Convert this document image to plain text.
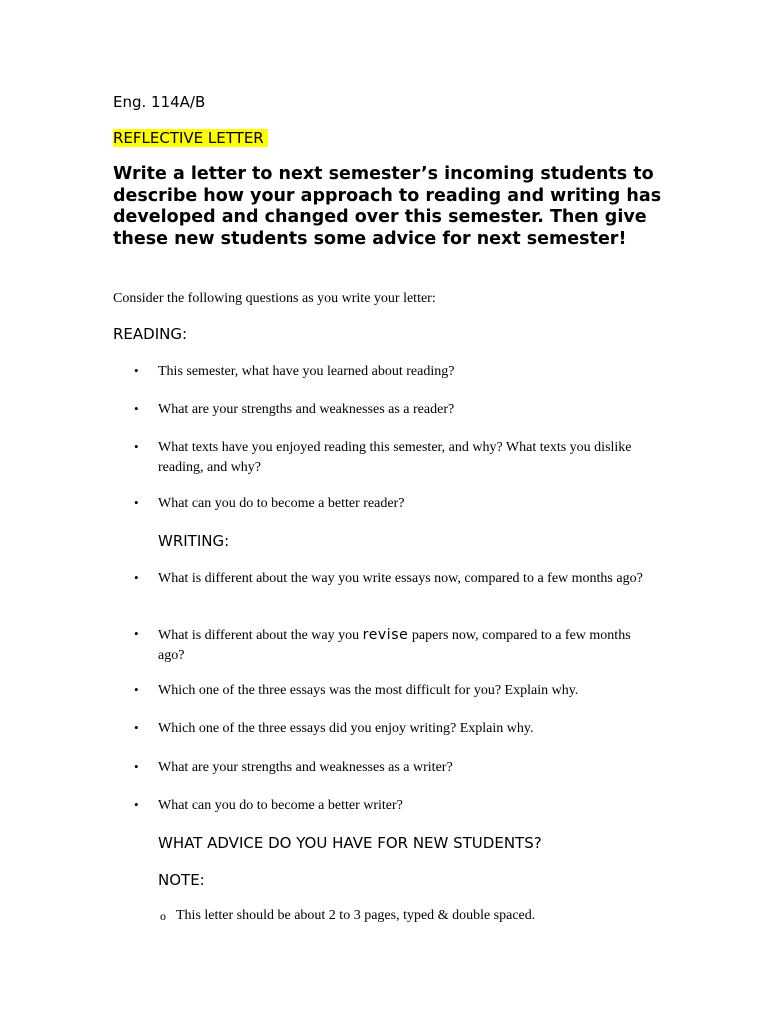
Eng. 114A/B
REFLECTIVE LETTER
Write a letter to next semester’s incoming students to describe how your approach to reading and writing has developed and changed over this semester. Then give these new students some advice for next semester!
Consider the following questions as you write your letter:
READING:
• This semester, what have you learned about reading?
• What are your strengths and weaknesses as a reader?
• What texts have you enjoyed reading this semester, and why? What texts you dislike reading, and why?
• What can you do to become a better reader?
WRITING:
• What is different about the way you write essays now, compared to a few months ago?
• What is different about the way you revise papers now, compared to a few months ago?
• Which one of the three essays was the most difficult for you? Explain why.
• Which one of the three essays did you enjoy writing? Explain why.
• What are your strengths and weaknesses as a writer?
• What can you do to become a better writer?
WHAT ADVICE DO YOU HAVE FOR NEW STUDENTS?
NOTE:
o This letter should be about 2 to 3 pages, typed & double spaced.
